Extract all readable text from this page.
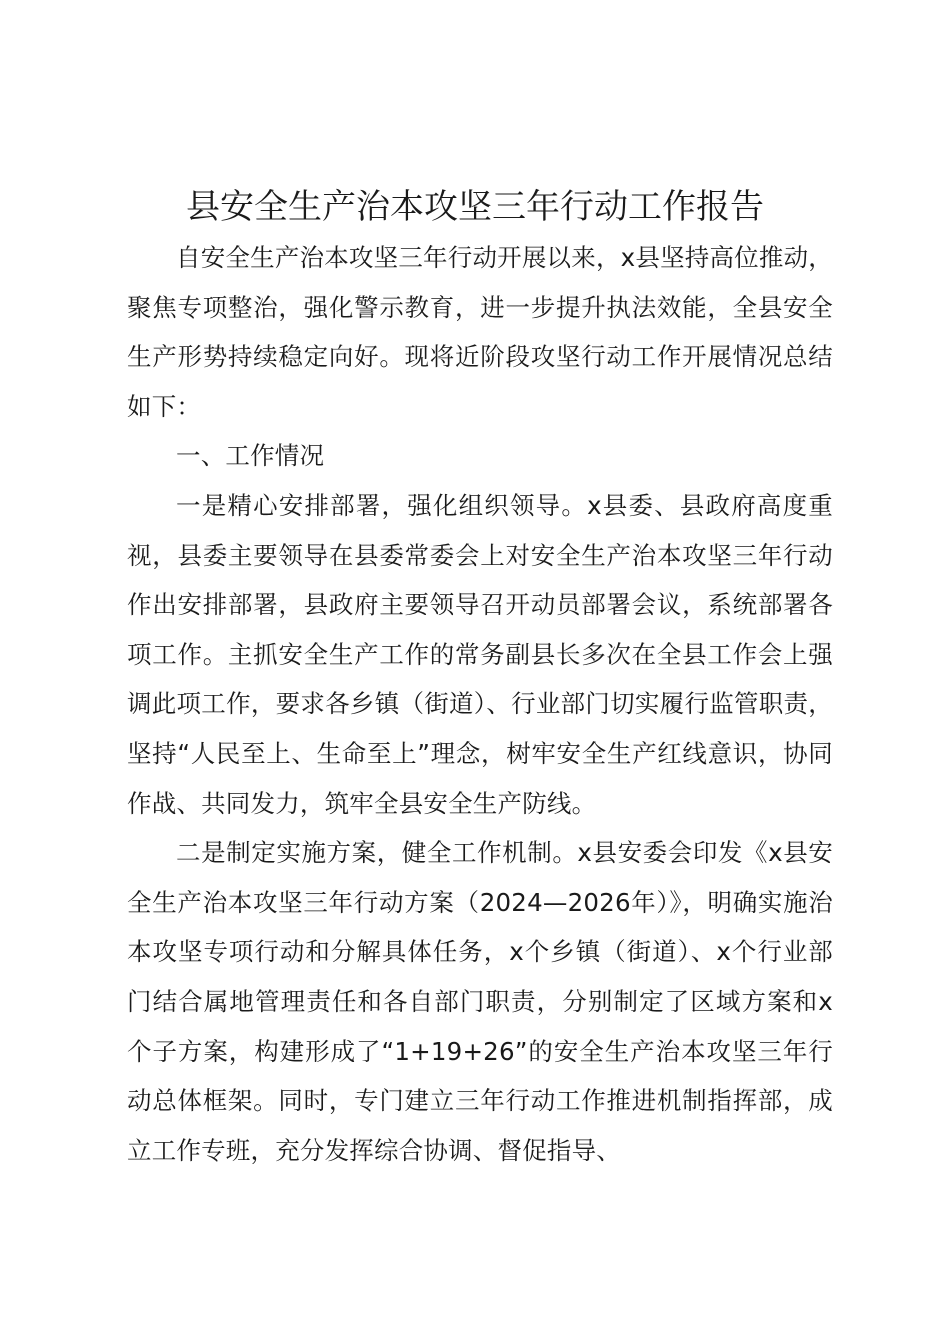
县安全生产治本攻坚三年行动工作报告

自安全生产治本攻坚三年行动开展以来，x县坚持高位推动，聚焦专项整治，强化警示教育，进一步提升执法效能，全县安全生产形势持续稳定向好。现将近阶段攻坚行动工作开展情况总结如下：

一、工作情况

一是精心安排部署，强化组织领导。x县委、县政府高度重视，县委主要领导在县委常委会上对安全生产治本攻坚三年行动作出安排部署，县政府主要领导召开动员部署会议，系统部署各项工作。主抓安全生产工作的常务副县长多次在全县工作会上强调此项工作，要求各乡镇（街道）、行业部门切实履行监管职责，坚持“人民至上、生命至上”理念，树牢安全生产红线意识，协同作战、共同发力，筑牢全县安全生产防线。

二是制定实施方案，健全工作机制。x县安委会印发《x县安全生产治本攻坚三年行动方案（2024—2026年）》，明确实施治本攻坚专项行动和分解具体任务，x个乡镇（街道）、x个行业部门结合属地管理责任和各自部门职责，分别制定了区域方案和x个子方案，构建形成了“1+19+26”的安全生产治本攻坚三年行动总体框架。同时，专门建立三年行动工作推进机制指挥部，成立工作专班，充分发挥综合协调、督促指导、
